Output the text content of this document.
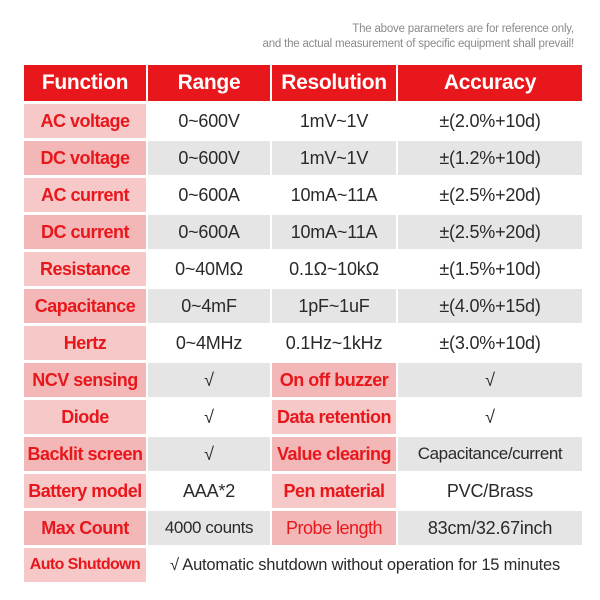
The above parameters are for reference only,
and the actual measurement of specific equipment shall prevail!
Function	Range	Resolution	Accuracy
AC voltage	0~600V	1mV~1V	±(2.0%+10d)
DC voltage	0~600V	1mV~1V	±(1.2%+10d)
AC current	0~600A	10mA~11A	±(2.5%+20d)
DC current	0~600A	10mA~11A	±(2.5%+20d)
Resistance	0~40MΩ	0.1Ω~10kΩ	±(1.5%+10d)
Capacitance	0~4mF	1pF~1uF	±(4.0%+15d)
Hertz	0~4MHz	0.1Hz~1kHz	±(3.0%+10d)
NCV sensing	√	On off buzzer	√
Diode	√	Data retention	√
Backlit screen	√	Value clearing	Capacitance/current
Battery model	AAA*2	Pen material	PVC/Brass
Max Count	4000 counts	Probe length	83cm/32.67inch
Auto Shutdown	√ Automatic shutdown without operation for 15 minutes		
